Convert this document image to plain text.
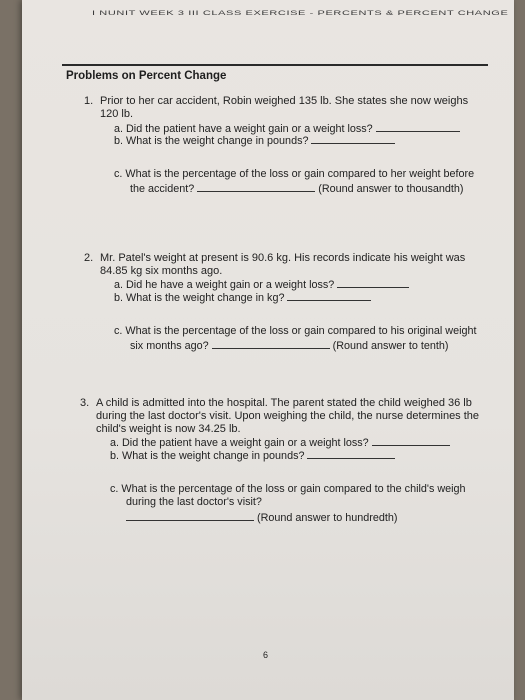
I NUNIT WEEK 3 III CLASS EXERCISE - PERCENTS & PERCENT CHANGE
Problems on Percent Change
1. Prior to her car accident, Robin weighed 135 lb. She states she now weighs
120 lb.
a. Did the patient have a weight gain or a weight loss?
b. What is the weight change in pounds?
c. What is the percentage of the loss or gain compared to her weight before
the accident?	(Round answer to thousandth)
2. Mr. Patel's weight at present is 90.6 kg. His records indicate his weight was
84.85 kg six months ago.
a. Did he have a weight gain or a weight loss?
b. What is the weight change in kg?
c. What is the percentage of the loss or gain compared to his original weight
six months ago?	(Round answer to tenth)
3. A child is admitted into the hospital. The parent stated the child weighed 36 lb
during the last doctor's visit. Upon weighing the child, the nurse determines the
child's weight is now 34.25 lb.
a. Did the patient have a weight gain or a weight loss?
b. What is the weight change in pounds?
c. What is the percentage of the loss or gain compared to the child's weigh
during the last doctor's visit?
(Round answer to hundredth)
6
